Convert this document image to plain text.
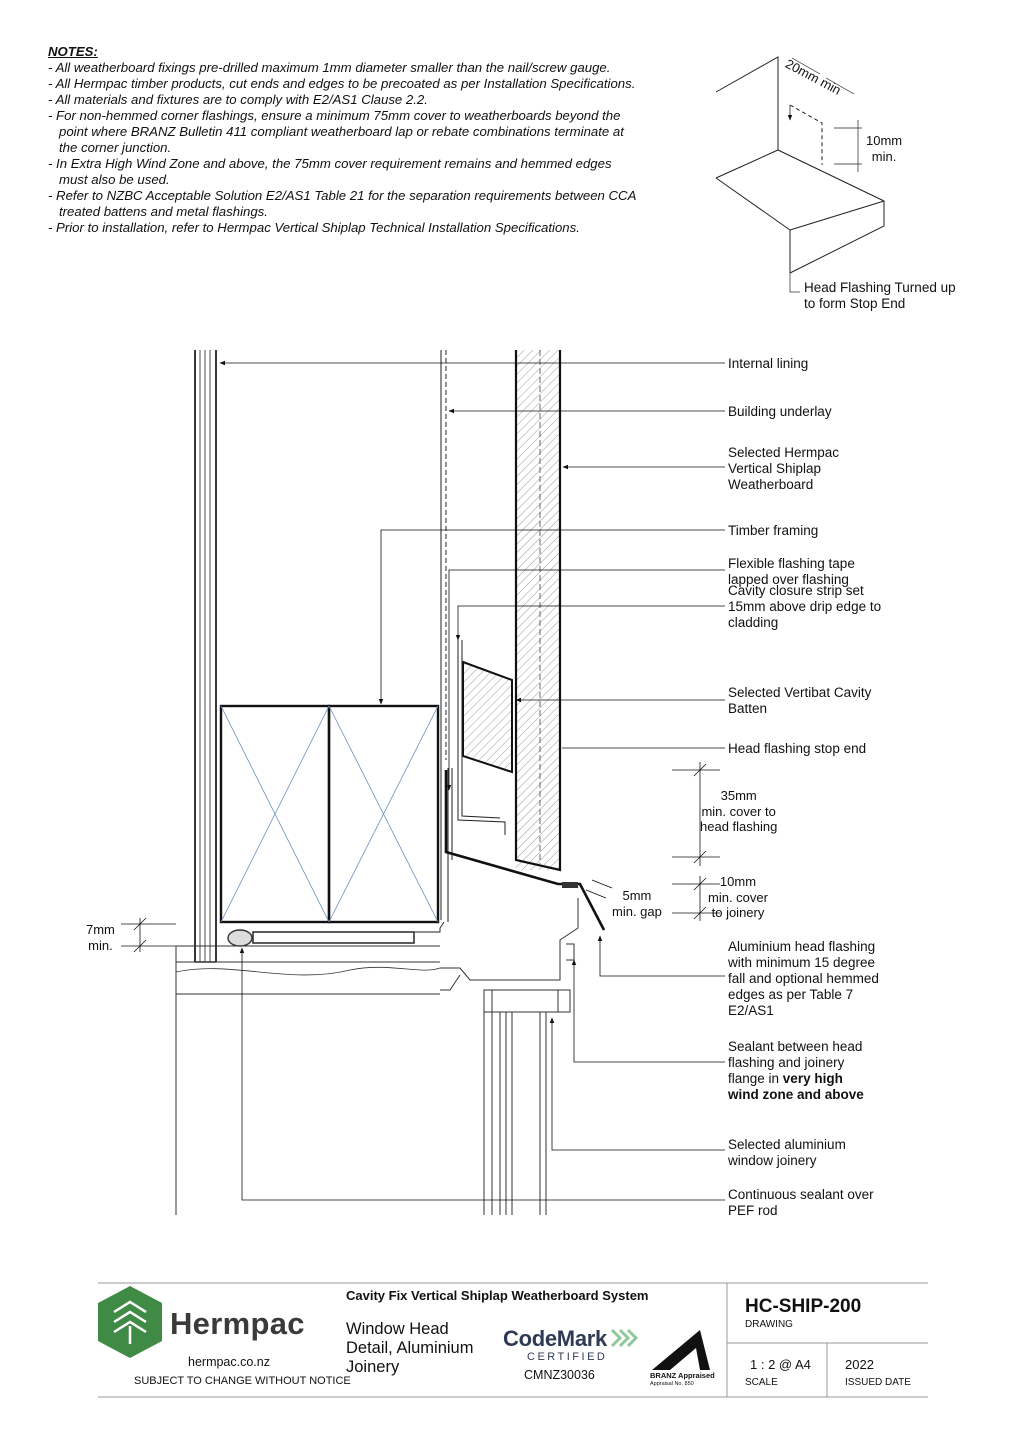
NOTES:
- All weatherboard fixings pre-drilled maximum 1mm diameter smaller than the nail/screw gauge.
- All Hermpac timber products, cut ends and edges to be precoated as per Installation Specifications.
- All materials and fixtures are to comply with E2/AS1 Clause 2.2.
- For non-hemmed corner flashings, ensure a minimum 75mm cover to weatherboards beyond the
point where BRANZ Bulletin 411 compliant weatherboard lap or rebate combinations terminate at
the corner junction.
- In Extra High Wind Zone and above, the 75mm cover requirement remains and hemmed edges
must also be used.
- Refer to NZBC Acceptable Solution E2/AS1 Table 21 for the separation requirements between CCA
treated battens and metal flashings.
- Prior to installation, refer to Hermpac Vertical Shiplap Technical Installation Specifications.
20mm min
10mm
min.
Head Flashing Turned up
to form Stop End
Internal lining
Building underlay
Selected Hermpac
Vertical Shiplap
Weatherboard
Timber framing
Flexible flashing tape
lapped over flashing
Cavity closure strip set
15mm above drip edge to
cladding
Selected Vertibat Cavity
Batten
Head flashing stop end
Aluminium head flashing
with minimum 15 degree
fall and optional hemmed
edges as per Table 7
E2/AS1
Sealant between head
flashing and joinery
flange in very high
wind zone and above
Selected aluminium
window joinery
Continuous sealant over
PEF rod
35mm
min. cover to
head flashing
10mm
min. cover
to joinery
5mm
min. gap
7mm
min.
Hermpac
hermpac.co.nz
SUBJECT TO CHANGE WITHOUT NOTICE
Cavity Fix Vertical Shiplap Weatherboard System
Window Head
Detail, Aluminium
Joinery
CodeMark
CERTIFIED
CMNZ30036	BRANZ Appraised
Appraisal No. 850
HC-SHIP-200
DRAWING
1 : 2 @ A4
SCALE
2022
ISSUED DATE
